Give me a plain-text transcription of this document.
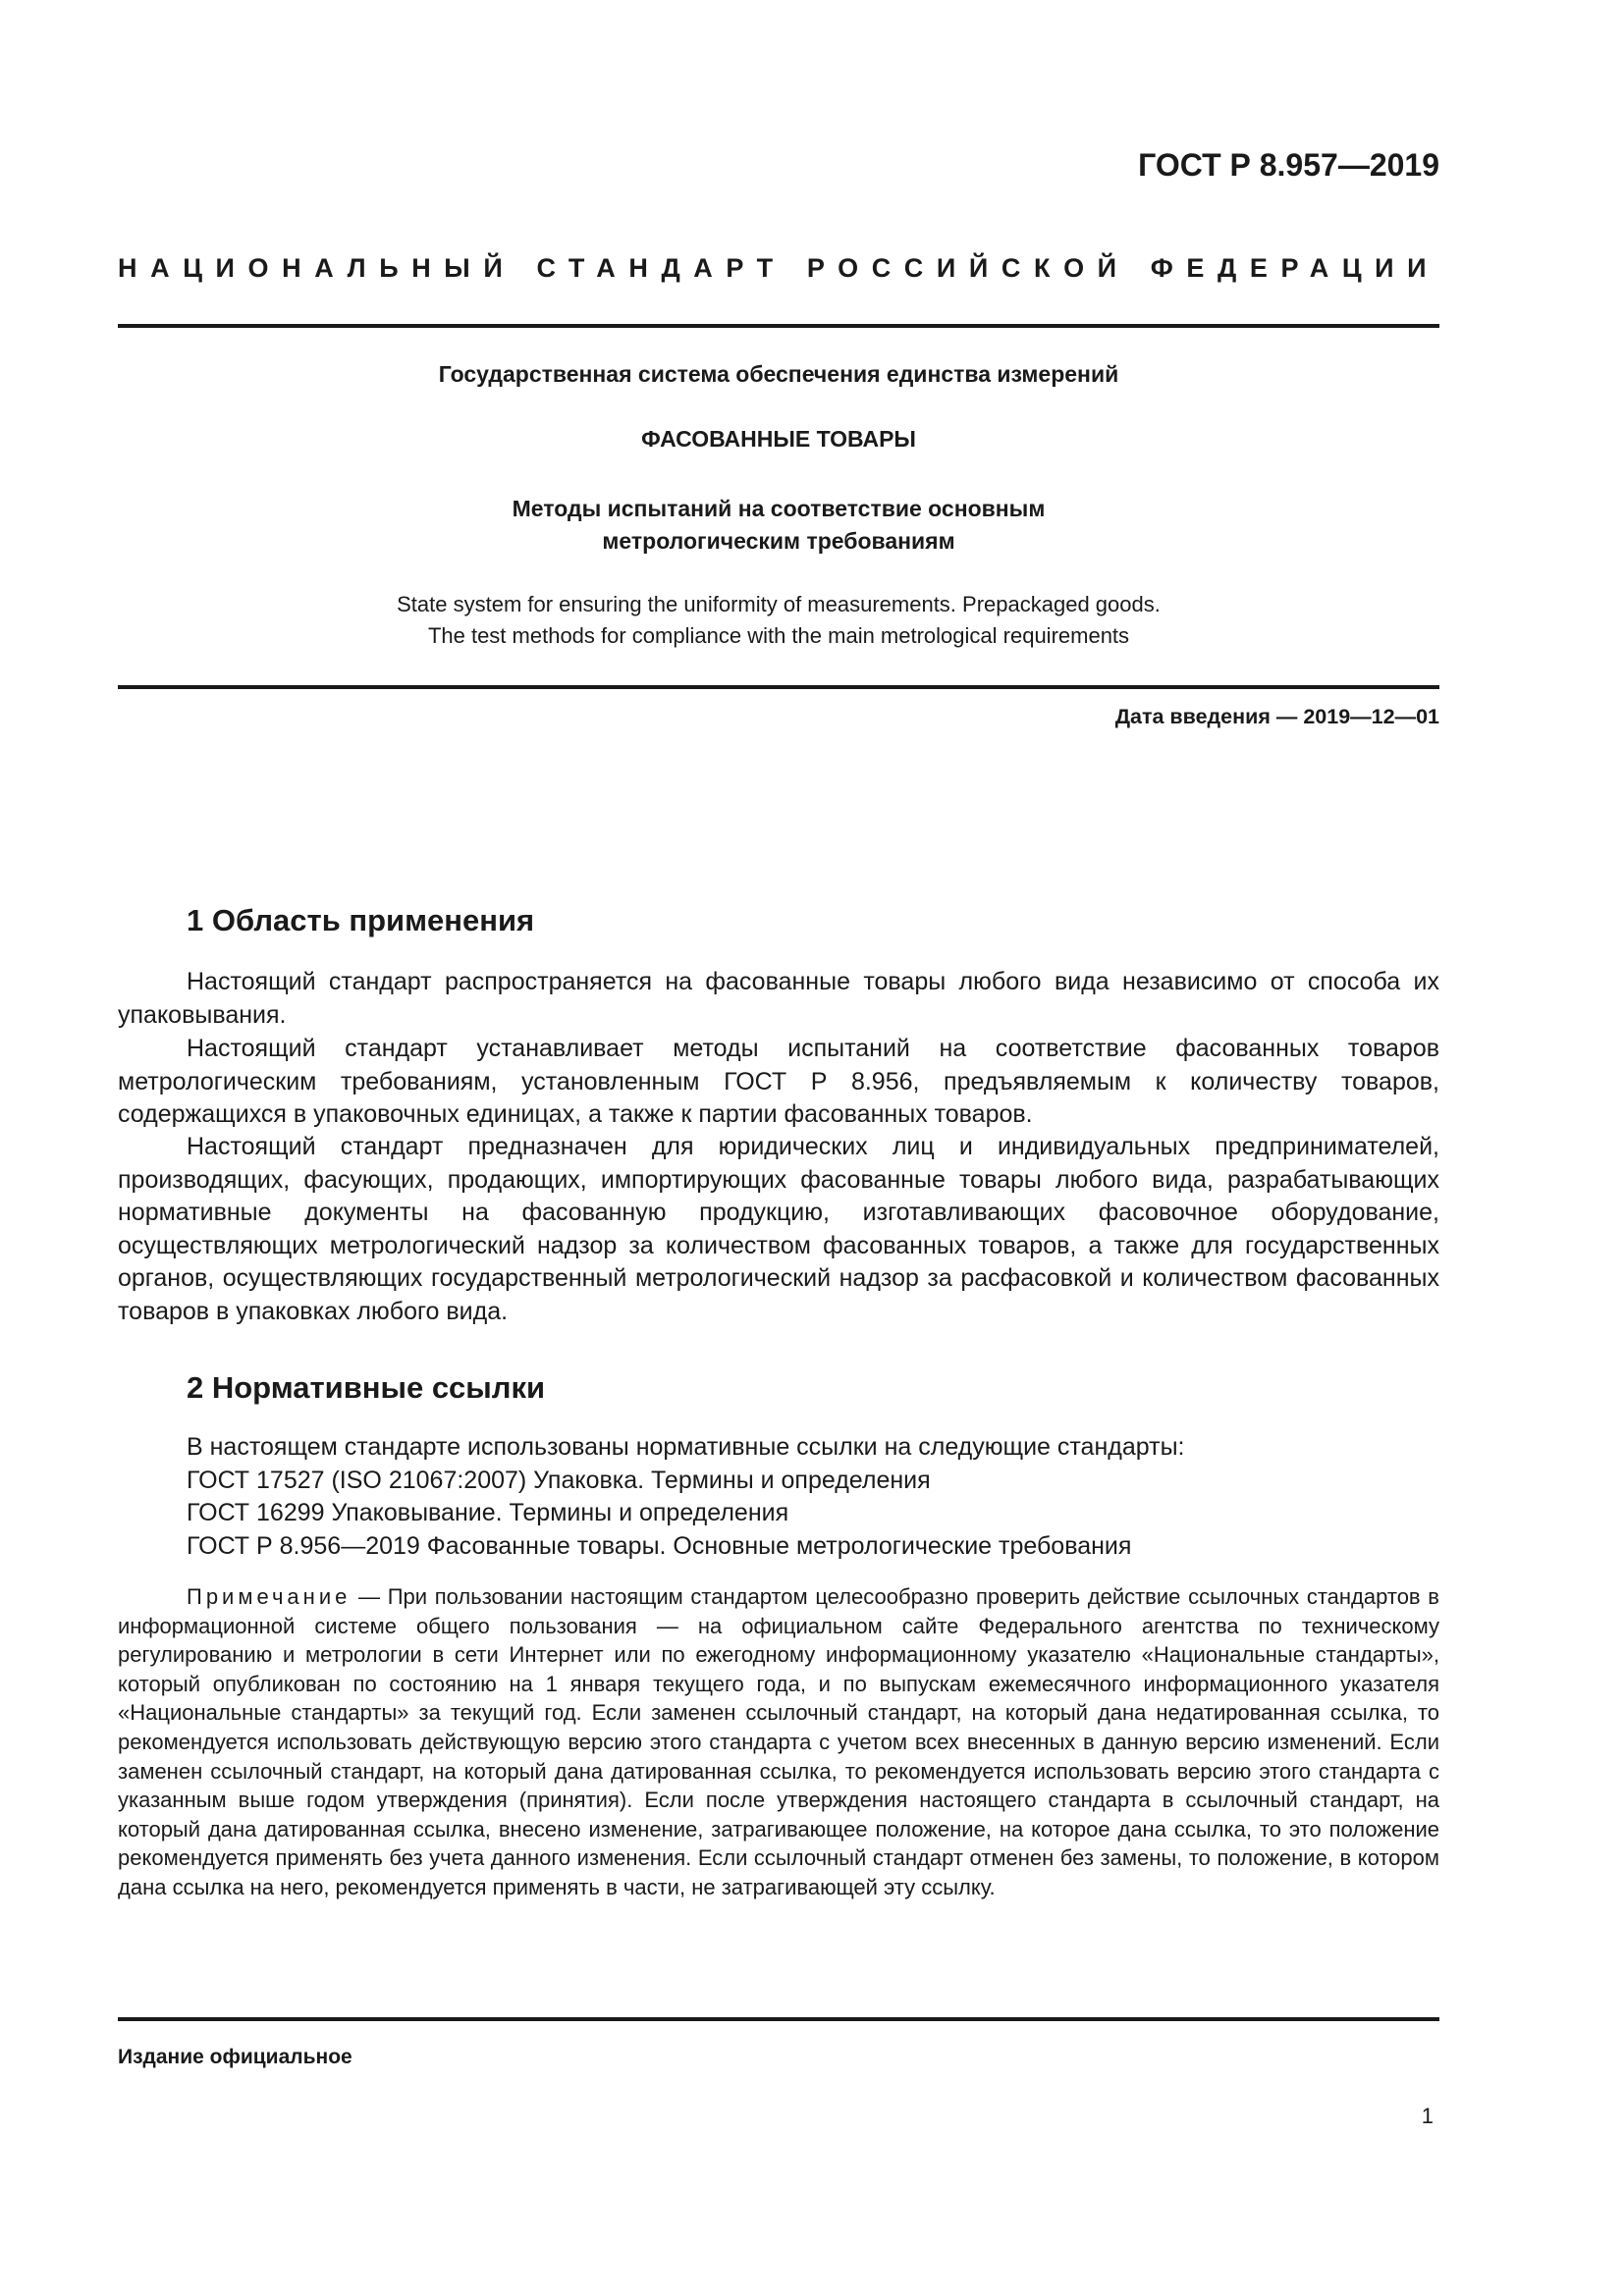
ГОСТ Р 8.957—2019
НАЦИОНАЛЬНЫЙ СТАНДАРТ РОССИЙСКОЙ ФЕДЕРАЦИИ
Государственная система обеспечения единства измерений
ФАСОВАННЫЕ ТОВАРЫ
Методы испытаний на соответствие основным
метрологическим требованиям
State system for ensuring the uniformity of measurements. Prepackaged goods.
The test methods for compliance with the main metrological requirements
Дата введения — 2019—12—01
1 Область применения
Настоящий стандарт распространяется на фасованные товары любого вида независимо от способа их упаковывания.
Настоящий стандарт устанавливает методы испытаний на соответствие фасованных товаров метрологическим требованиям, установленным ГОСТ Р 8.956, предъявляемым к количеству товаров, содержащихся в упаковочных единицах, а также к партии фасованных товаров.
Настоящий стандарт предназначен для юридических лиц и индивидуальных предпринимателей, производящих, фасующих, продающих, импортирующих фасованные товары любого вида, разрабатывающих нормативные документы на фасованную продукцию, изготавливающих фасовочное оборудование, осуществляющих метрологический надзор за количеством фасованных товаров, а также для государственных органов, осуществляющих государственный метрологический надзор за расфасовкой и количеством фасованных товаров в упаковках любого вида.
2 Нормативные ссылки
В настоящем стандарте использованы нормативные ссылки на следующие стандарты:
ГОСТ 17527 (ISO 21067:2007) Упаковка. Термины и определения
ГОСТ 16299 Упаковывание. Термины и определения
ГОСТ Р 8.956—2019 Фасованные товары. Основные метрологические требования
Примечание — При пользовании настоящим стандартом целесообразно проверить действие ссылочных стандартов в информационной системе общего пользования — на официальном сайте Федерального агентства по техническому регулированию и метрологии в сети Интернет или по ежегодному информационному указателю «Национальные стандарты», который опубликован по состоянию на 1 января текущего года, и по выпускам ежемесячного информационного указателя «Национальные стандарты» за текущий год. Если заменен ссылочный стандарт, на который дана недатированная ссылка, то рекомендуется использовать действующую версию этого стандарта с учетом всех внесенных в данную версию изменений. Если заменен ссылочный стандарт, на который дана датированная ссылка, то рекомендуется использовать версию этого стандарта с указанным выше годом утверждения (принятия). Если после утверждения настоящего стандарта в ссылочный стандарт, на который дана датированная ссылка, внесено изменение, затрагивающее положение, на которое дана ссылка, то это положение рекомендуется применять без учета данного изменения. Если ссылочный стандарт отменен без замены, то положение, в котором дана ссылка на него, рекомендуется применять в части, не затрагивающей эту ссылку.
Издание официальное
1
